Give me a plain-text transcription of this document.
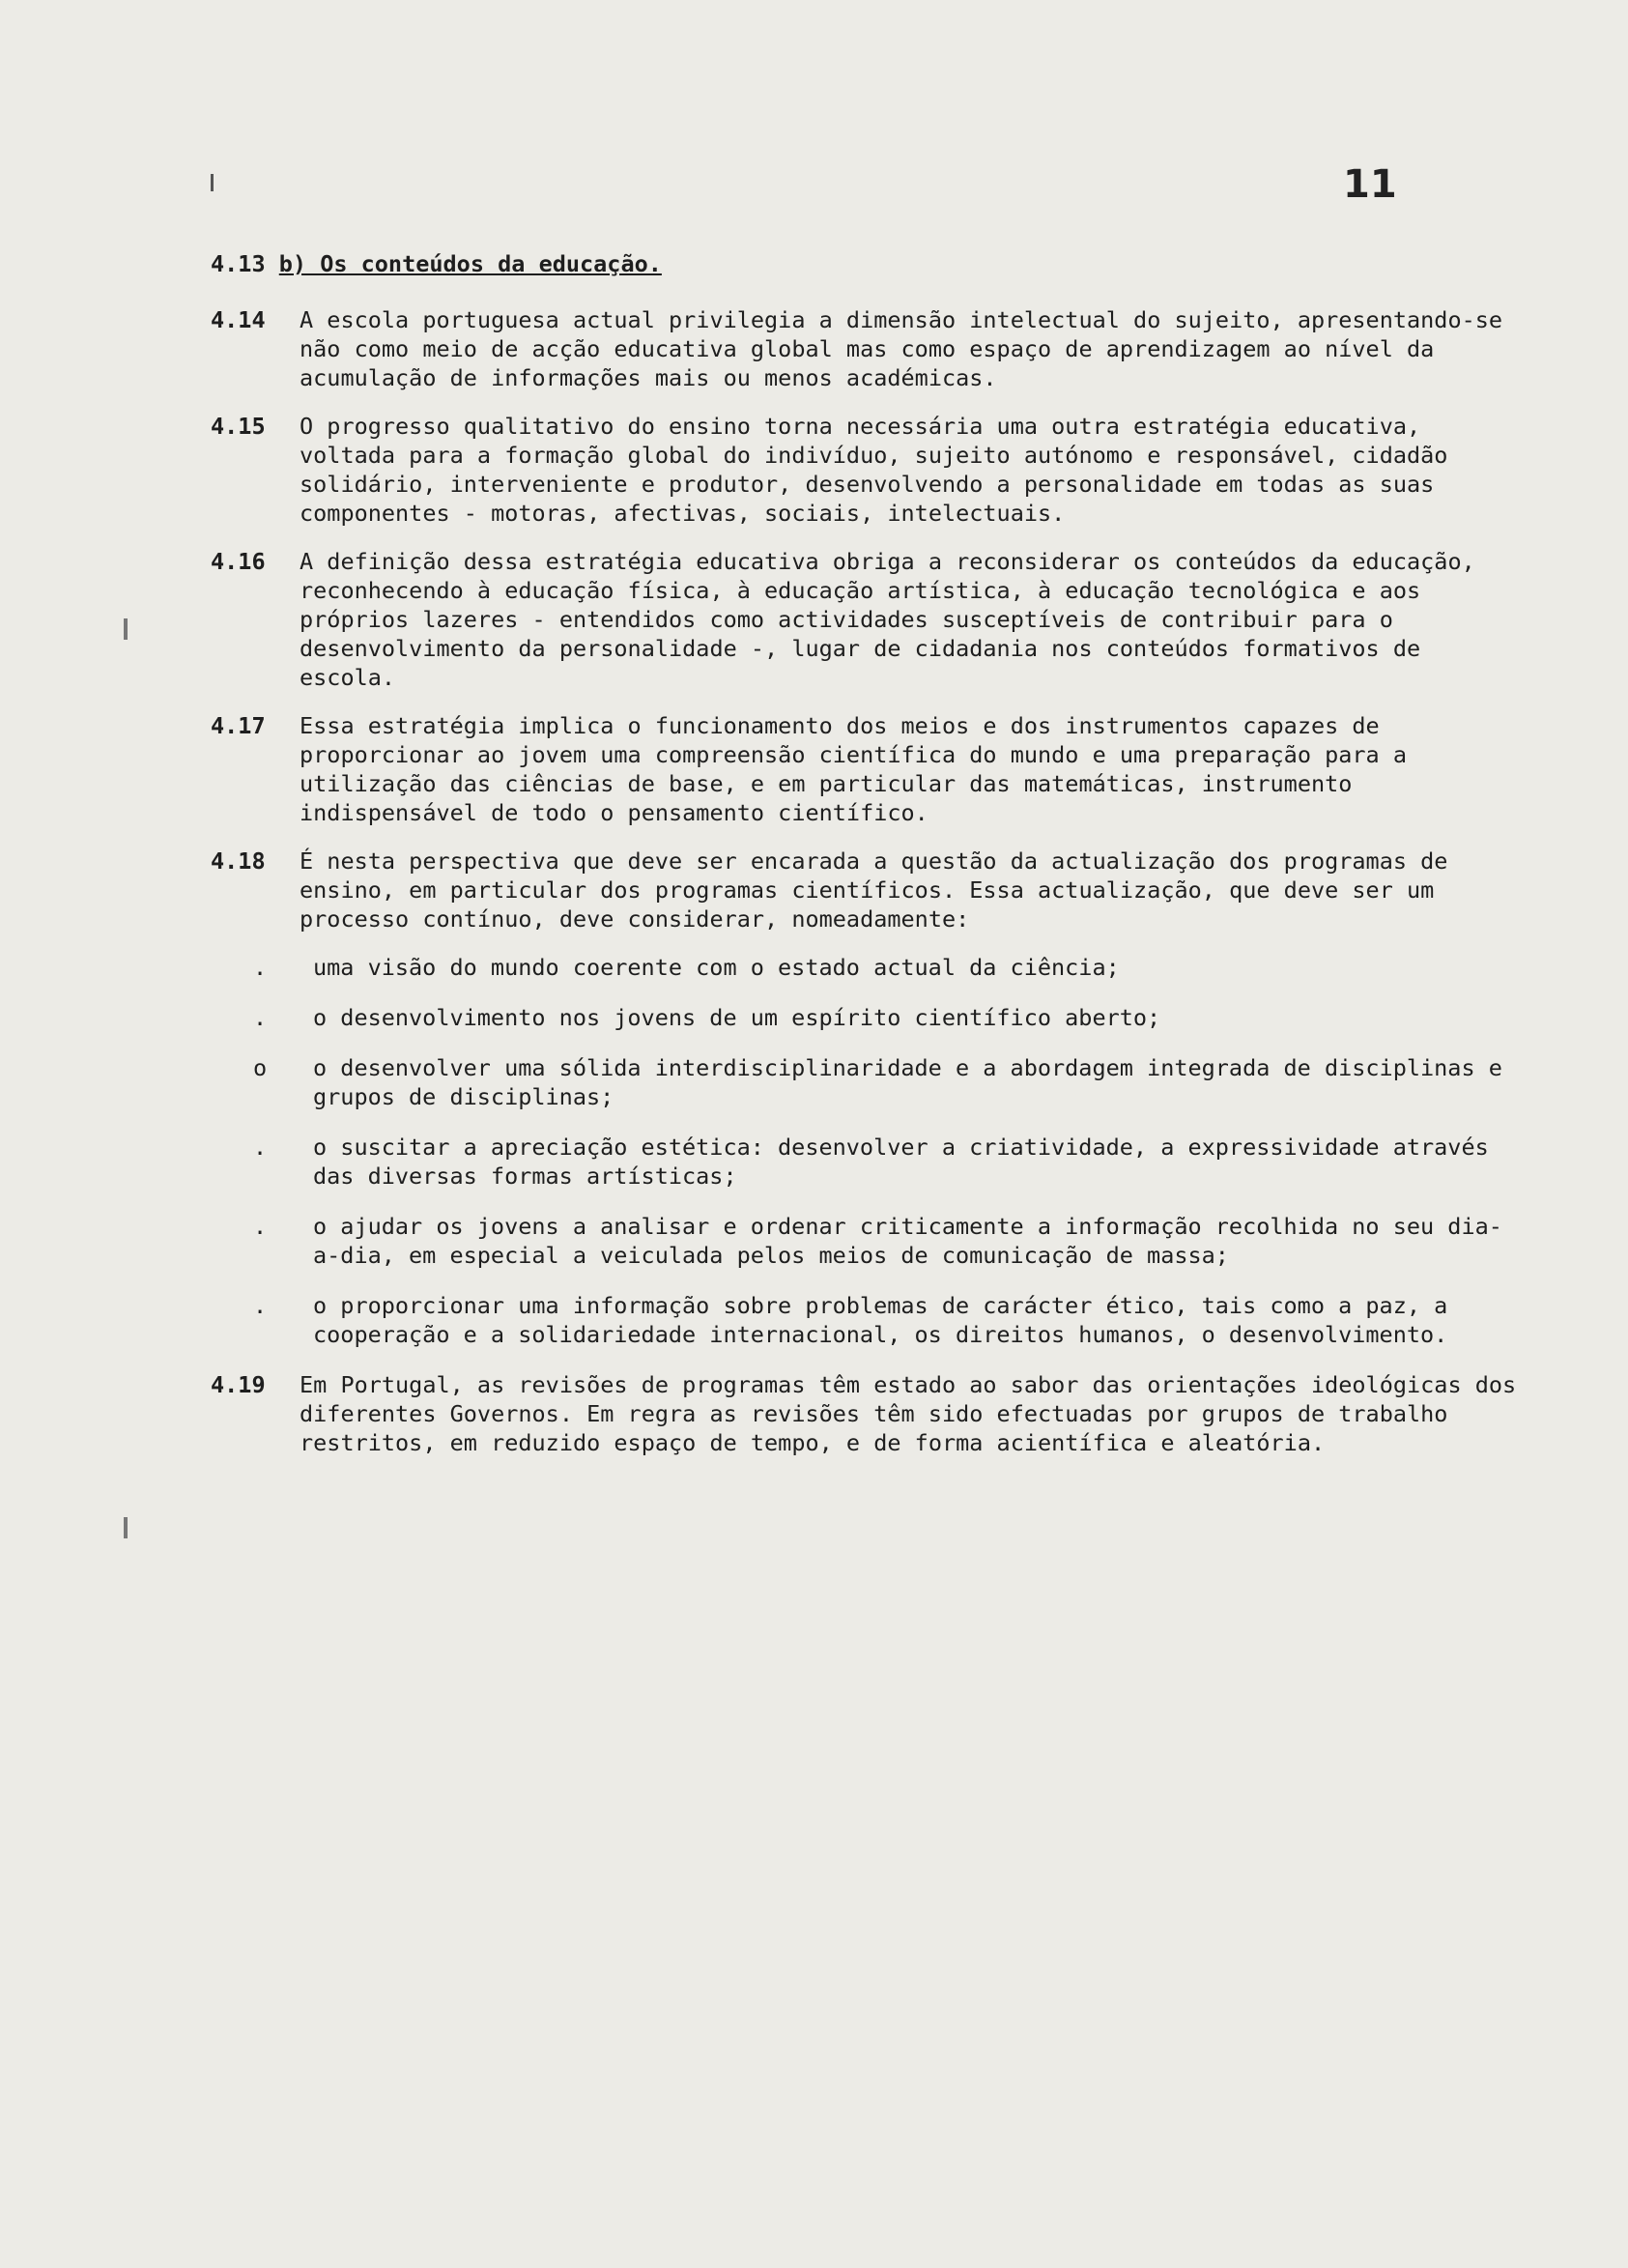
11
4.13 b) Os conteúdos da educação.
4.14	A escola portuguesa actual privilegia a dimensão intelectual do sujeito, apresentando-se não como meio de acção educativa global mas como espaço de aprendizagem ao nível da acumulação de informações mais ou menos académicas.
4.15	O progresso qualitativo do ensino torna necessária uma outra estratégia educativa, voltada para a formação global do indivíduo, sujeito autónomo e responsável, cidadão solidário, interveniente e produtor, desenvolvendo a personalidade em todas as suas componentes - motoras, afectivas, sociais, intelectuais.
4.16	A definição dessa estratégia educativa obriga a reconsiderar os conteúdos da educação, reconhecendo à educação física, à educação artística, à educação tecnológica e aos próprios lazeres - entendidos como actividades susceptíveis de contribuir para o desenvolvimento da personalidade -, lugar de cidadania nos conteúdos formativos de escola.
4.17	Essa estratégia implica o funcionamento dos meios e dos instrumentos capazes de proporcionar ao jovem uma compreensão científica do mundo e uma preparação para a utilização das ciências de base, e em particular das matemáticas, instrumento indispensável de todo o pensamento científico.
4.18	É nesta perspectiva que deve ser encarada a questão da actualização dos programas de ensino, em particular dos programas científicos. Essa actualização, que deve ser um processo contínuo, deve considerar, nomeadamente:
.	uma visão do mundo coerente com o estado actual da ciência;
.	o desenvolvimento nos jovens de um espírito científico aberto;
o	o desenvolver uma sólida interdisciplinaridade e a abordagem integrada de disciplinas e grupos de disciplinas;
.	o suscitar a apreciação estética: desenvolver a criatividade, a expressividade através das diversas formas artísticas;
.	o ajudar os jovens a analisar e ordenar criticamente a informação recolhida no seu dia-a-dia, em especial a veiculada pelos meios de comunicação de massa;
.	o proporcionar uma informação sobre problemas de carácter ético, tais como a paz, a cooperação e a solidariedade internacional, os direitos humanos, o desenvolvimento.
4.19	Em Portugal, as revisões de programas têm estado ao sabor das orientações ideológicas dos diferentes Governos. Em regra as revisões têm sido efectuadas por grupos de trabalho restritos, em reduzido espaço de tempo, e de forma acientífica e aleatória.
